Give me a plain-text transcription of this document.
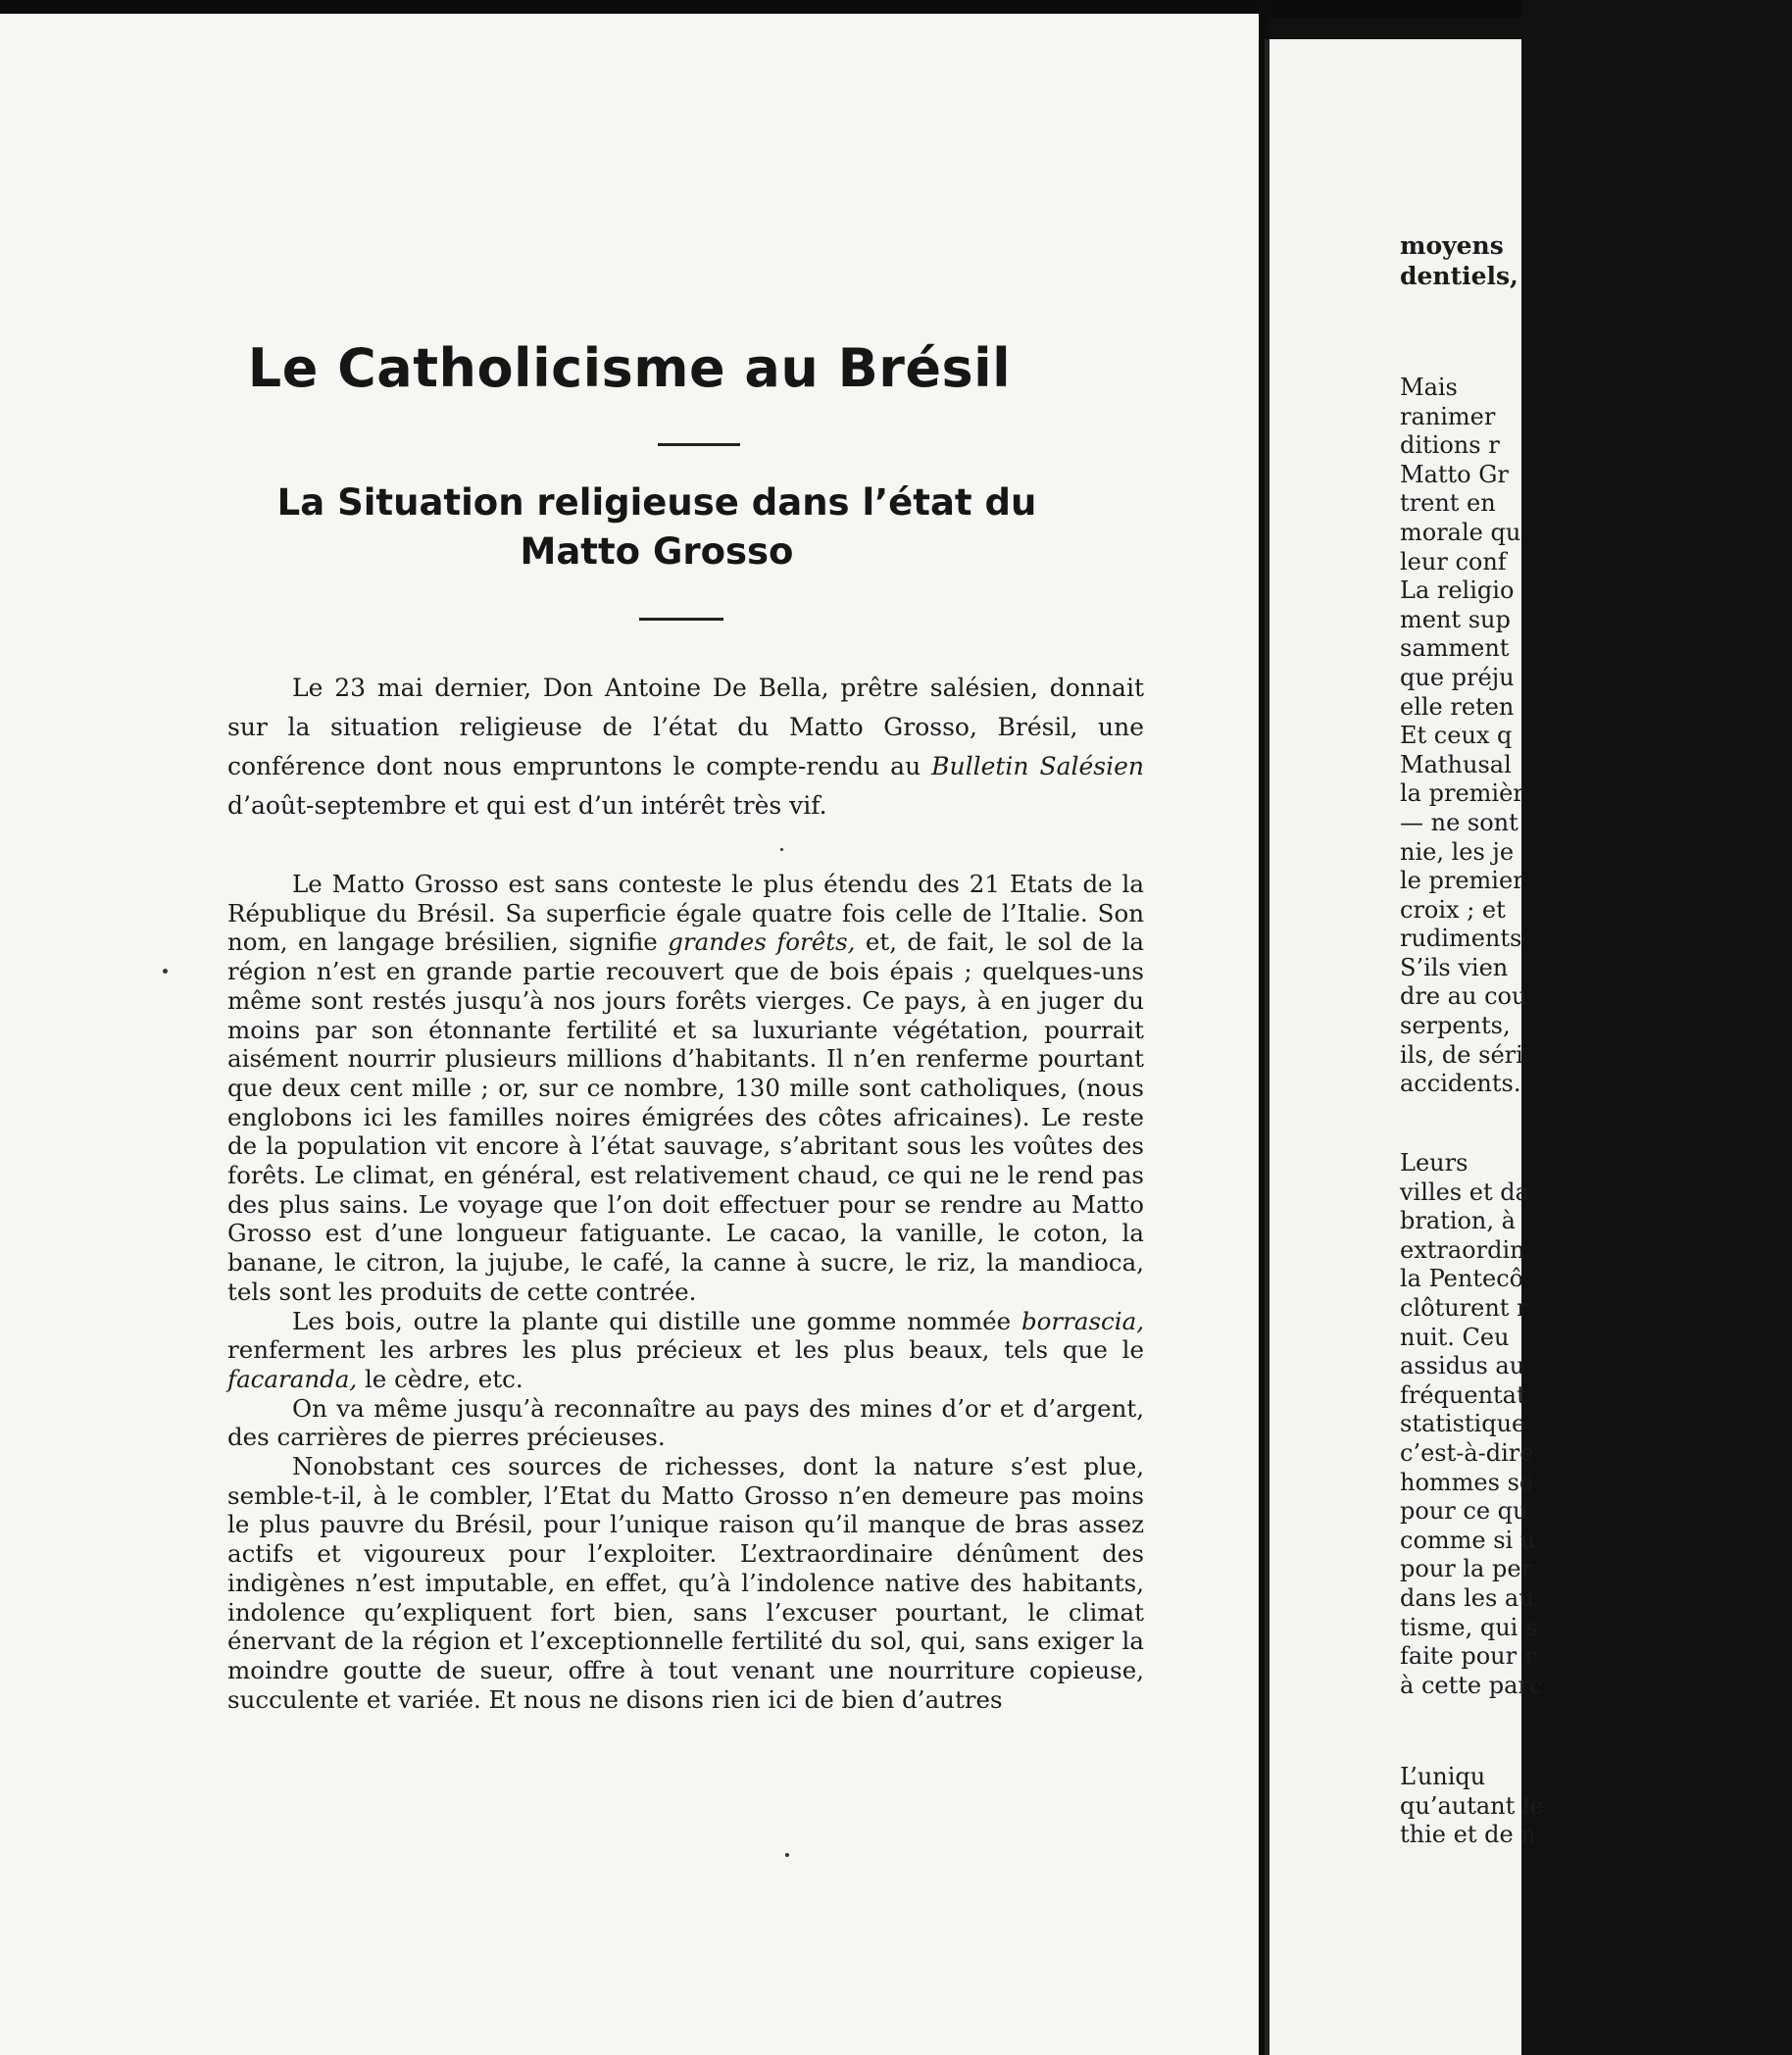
Le Catholicisme au Brésil
La Situation religieuse dans l’état du
Matto Grosso

Le 23 mai dernier, Don Antoine De Bella, prêtre salésien, donnait sur la situation religieuse de l’état du Matto Grosso, Brésil, une conférence dont nous empruntons le compte-rendu au Bulletin Salésien d’août-septembre et qui est d’un intérêt très vif.

Le Matto Grosso est sans conteste le plus étendu des 21 Etats de la République du Brésil. Sa superficie égale quatre fois celle de l’Italie. Son nom, en langage brésilien, signifie grandes forêts, et, de fait, le sol de la région n’est en grande partie recouvert que de bois épais ; quelques-uns même sont restés jusqu’à nos jours forêts vierges. Ce pays, à en juger du moins par son étonnante fertilité et sa luxuriante végétation, pourrait aisément nourrir plusieurs millions d’habitants. Il n’en renferme pourtant que deux cent mille ; or, sur ce nombre, 130 mille sont catholiques, (nous englobons ici les familles noires émigrées des côtes africaines). Le reste de la population vit encore à l’état sauvage, s’abritant sous les voûtes des forêts. Le climat, en général, est relativement chaud, ce qui ne le rend pas des plus sains. Le voyage que l’on doit effectuer pour se rendre au Matto Grosso est d’une longueur fatiguante. Le cacao, la vanille, le coton, la banane, le citron, la jujube, le café, la canne à sucre, le riz, la mandioca, tels sont les produits de cette contrée.

Les bois, outre la plante qui distille une gomme nommée borrascia, renferment les arbres les plus précieux et les plus beaux, tels que le facaranda, le cèdre, etc.

On va même jusqu’à reconnaître au pays des mines d’or et d’argent, des carrières de pierres précieuses.

Nonobstant ces sources de richesses, dont la nature s’est plue, semble-t-il, à le combler, l’Etat du Matto Grosso n’en demeure pas moins le plus pauvre du Brésil, pour l’unique raison qu’il manque de bras assez actifs et vigoureux pour l’exploiter. L’extraordinaire dénûment des indigènes n’est imputable, en effet, qu’à l’indolence native des habitants, indolence qu’expliquent fort bien, sans l’excuser pourtant, le climat énervant de la région et l’exceptionnelle fertilité du sol, qui, sans exiger la moindre goutte de sueur, offre à tout venant une nourriture copieuse, succulente et variée. Et nous ne disons rien ici de bien d’autres

moyens
dentiels,
Mais
ranimer
ditions r
Matto Gr
trent en
morale qu
leur conf
La religio
ment sup
samment
que préju
elle reten
Et ceux q
Mathusal
la premièr
— ne sont
nie, les je
le premier
croix ; et
rudiments
S’ils vien
dre au cou
serpents,
ils, de séri
accidents.
Leurs
villes et da
bration, à
extraordin
la Pentecô
clôturent r
nuit. Ceu
assidus au
fréquentat
statistique
c’est-à-dire
hommes se
pour ce qu
comme si u
pour la per
dans les au
tisme, qui s
faite pour r
à cette parc
L’uniqu
qu’autant le
thie et de n
